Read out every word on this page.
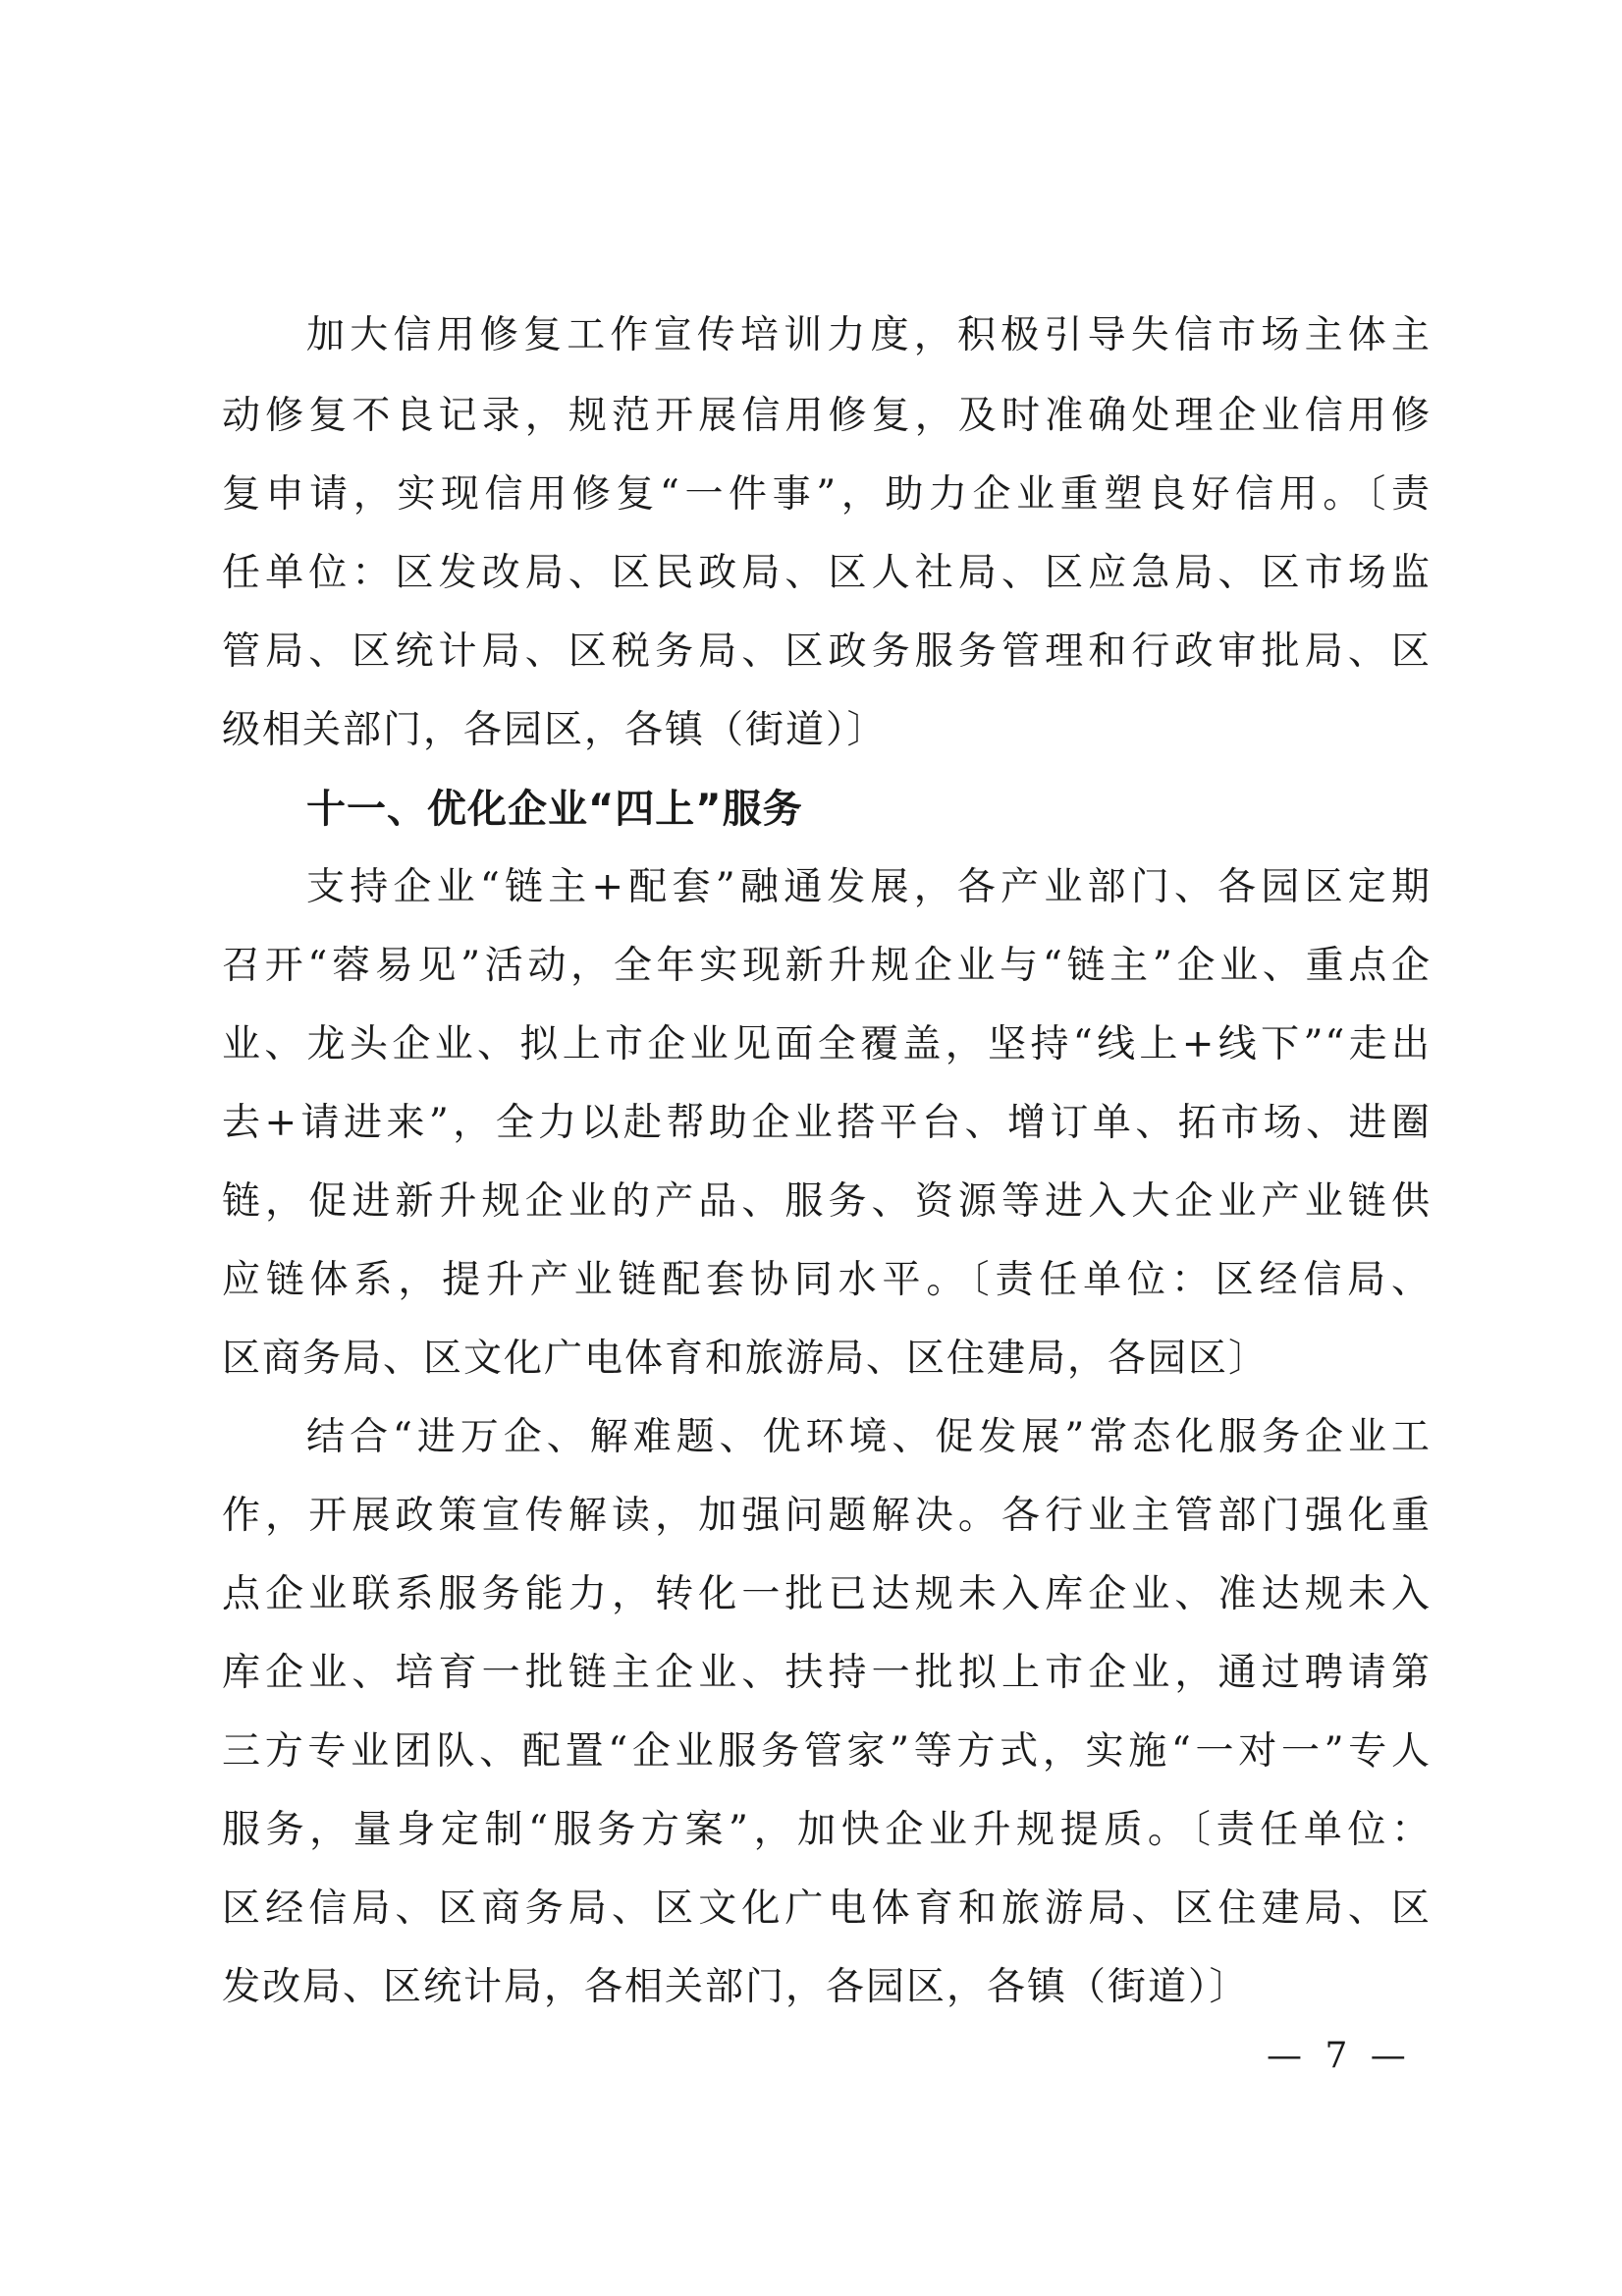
加大信用修复工作宣传培训力度，积极引导失信市场主体主
动修复不良记录，规范开展信用修复，及时准确处理企业信用修
复申请，实现信用修复“一件事”，助力企业重塑良好信用。〔责
任单位：区发改局、区民政局、区人社局、区应急局、区市场监
管局、区统计局、区税务局、区政务服务管理和行政审批局、区
级相关部门，各园区，各镇（街道）〕
十一、优化企业“四上”服务
支持企业“链主+配套”融通发展，各产业部门、各园区定期
召开“蓉易见”活动，全年实现新升规企业与“链主”企业、重点企
业、龙头企业、拟上市企业见面全覆盖，坚持“线上+线下”“走出
去+请进来”，全力以赴帮助企业搭平台、增订单、拓市场、进圈
链，促进新升规企业的产品、服务、资源等进入大企业产业链供
应链体系，提升产业链配套协同水平。〔责任单位：区经信局、
区商务局、区文化广电体育和旅游局、区住建局，各园区〕
结合“进万企、解难题、优环境、促发展”常态化服务企业工
作，开展政策宣传解读，加强问题解决。各行业主管部门强化重
点企业联系服务能力，转化一批已达规未入库企业、准达规未入
库企业、培育一批链主企业、扶持一批拟上市企业，通过聘请第
三方专业团队、配置“企业服务管家”等方式，实施“一对一”专人
服务，量身定制“服务方案”，加快企业升规提质。〔责任单位：
区经信局、区商务局、区文化广电体育和旅游局、区住建局、区
发改局、区统计局，各相关部门，各园区，各镇（街道）〕
— 7 —
